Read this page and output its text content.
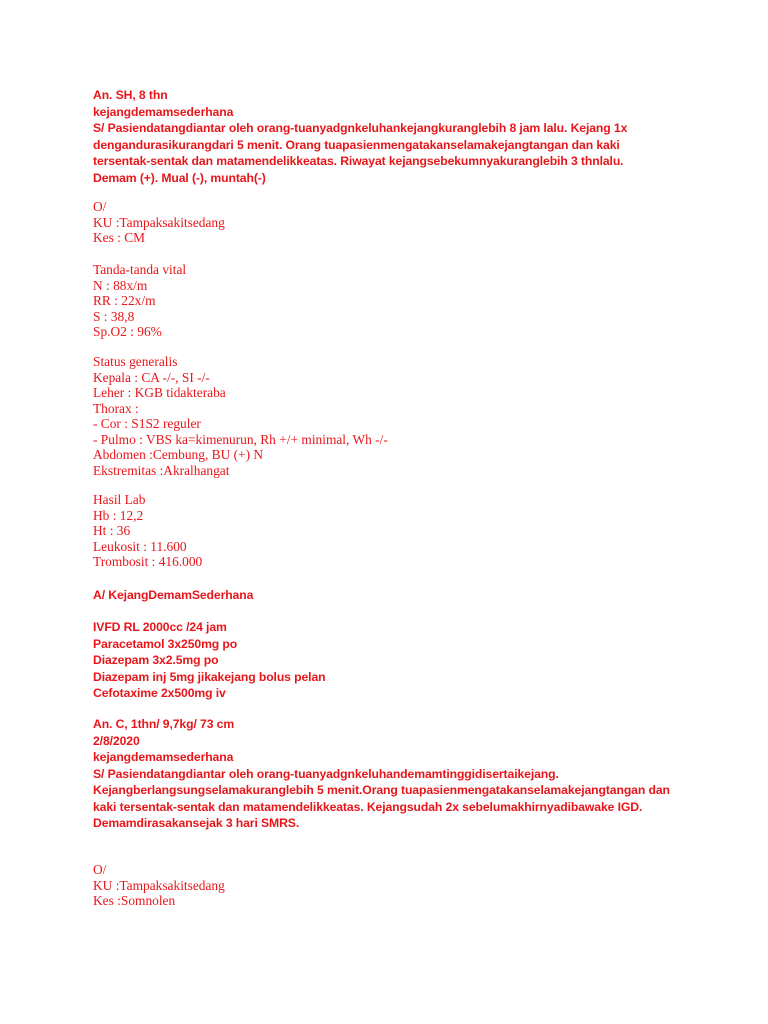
An. SH, 8 thn
kejangdemamsederhana
S/ Pasiendatangdiantar oleh orang-tuanyadgnkeluhankejangkuranglebih 8 jam lalu. Kejang 1x dengandurasikurangdari 5 menit. Orang tuapasienmengatakanselamakejangtangan dan kaki tersentak-sentak dan matamendelikkeatas. Riwayat kejangsebekumnyakuranglebih 3 thnlalu. Demam (+). Mual (-), muntah(-)
O/
KU :Tampaksakitsedang
Kes : CM
Tanda-tanda vital
N : 88x/m
RR : 22x/m
S : 38,8
Sp.O2 : 96%
Status generalis
Kepala : CA -/-, SI -/-
Leher : KGB tidakteraba
Thorax :
- Cor : S1S2 reguler
- Pulmo : VBS ka=kimenurun, Rh +/+ minimal, Wh -/-
Abdomen :Cembung, BU (+) N
Ekstremitas :Akralhangat
Hasil Lab
Hb : 12,2
Ht : 36
Leukosit : 11.600
Trombosit : 416.000
A/ KejangDemamSederhana
IVFD RL 2000cc /24 jam
Paracetamol 3x250mg po
Diazepam 3x2.5mg po
Diazepam inj 5mg jikakejang bolus pelan
Cefotaxime 2x500mg iv
An. C, 1thn/ 9,7kg/ 73 cm
2/8/2020
kejangdemamsederhana
S/ Pasiendatangdiantar oleh orang-tuanyadgnkeluhandemamtinggidisertaikejang. Kejangberlangsungselamakuranglebih 5 menit.Orang tuapasienmengatakanselamakejangtangan dan kaki tersentak-sentak dan matamendelikkeatas. Kejangsudah 2x sebelumakhirnyadibawake IGD. Demamdirasakansejak 3 hari SMRS.
O/
KU :Tampaksakitsedang
Kes :Somnolen
